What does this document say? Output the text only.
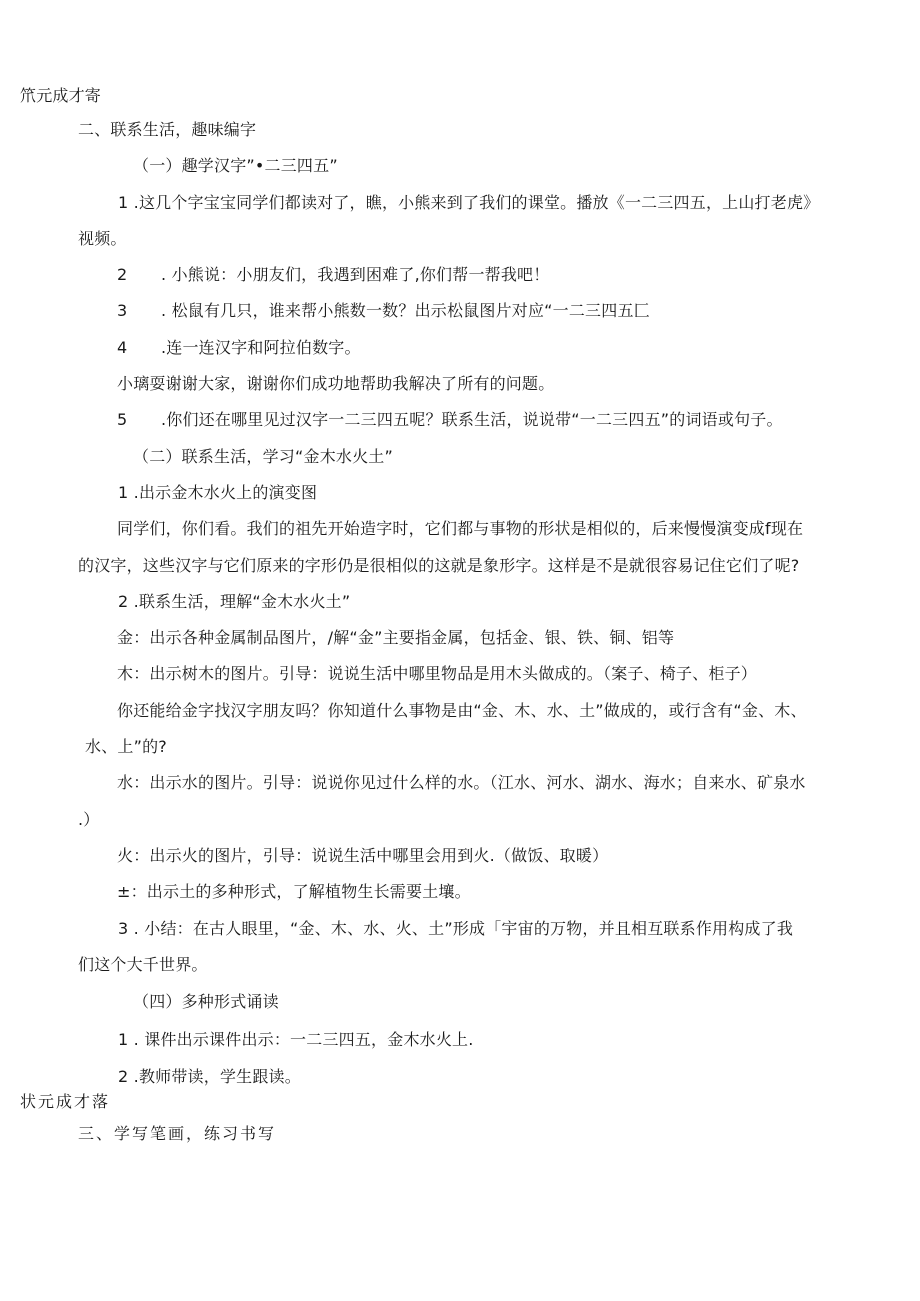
笊元成才寄
二、联系生活，趣味编字
（一）趣学汉字”•二三四五”
1 .这几个字宝宝同学们都读对了，瞧，小熊来到了我们的课堂。播放《一二三四五，上山打老虎》
视频。
2 . 小熊说：小朋友们，我遇到困难了,你们帮一帮我吧！
3 . 松鼠有几只，谁来帮小熊数一数？出示松鼠图片对应“一二三四五匚
4 .连一连汉字和阿拉伯数字。
小璃耍谢谢大家，谢谢你们成功地帮助我解决了所有的问题。
5 .你们还在哪里见过汉字一二三四五呢？联系生活，说说带“一二三四五”的词语或句子。
（二）联系生活，学习“金木水火土”
1 .出示金木水火上的演变图
同学们，你们看。我们的祖先开始造字时，它们都与事物的形状是相似的，后来慢慢演变成f现在
的汉字，这些汉字与它们原来的字形仍是很相似的这就是象形字。这样是不是就很容易记住它们了呢?
2 .联系生活，理解“金木水火土”
金：出示各种金属制品图片，/解“金”主要指金属，包括金、银、铁、铜、铝等
木：出示树木的图片。引导：说说生活中哪里物品是用木头做成的。（案子、椅子、柜子）
你还能给金字找汉字朋友吗？你知道什么事物是由“金、木、水、土”做成的，或行含有“金、木、
水、上”的?
水：出示水的图片。引导：说说你见过什么样的水。（江水、河水、湖水、海水；自来水、矿泉水
.）
火：出示火的图片，引导：说说生活中哪里会用到火.（做饭、取暖）
±：出示土的多种形式，了解植物生长需要土壤。
3 . 小结：在古人眼里，“金、木、水、火、土”形成「宇宙的万物，并且相互联系作用构成了我
们这个大千世界。
（四）多种形式诵读
1 . 课件出示课件出示：一二三四五，金木水火上.
2 .教师带读，学生跟读。
状元成才落
三、学写笔画，练习书写
